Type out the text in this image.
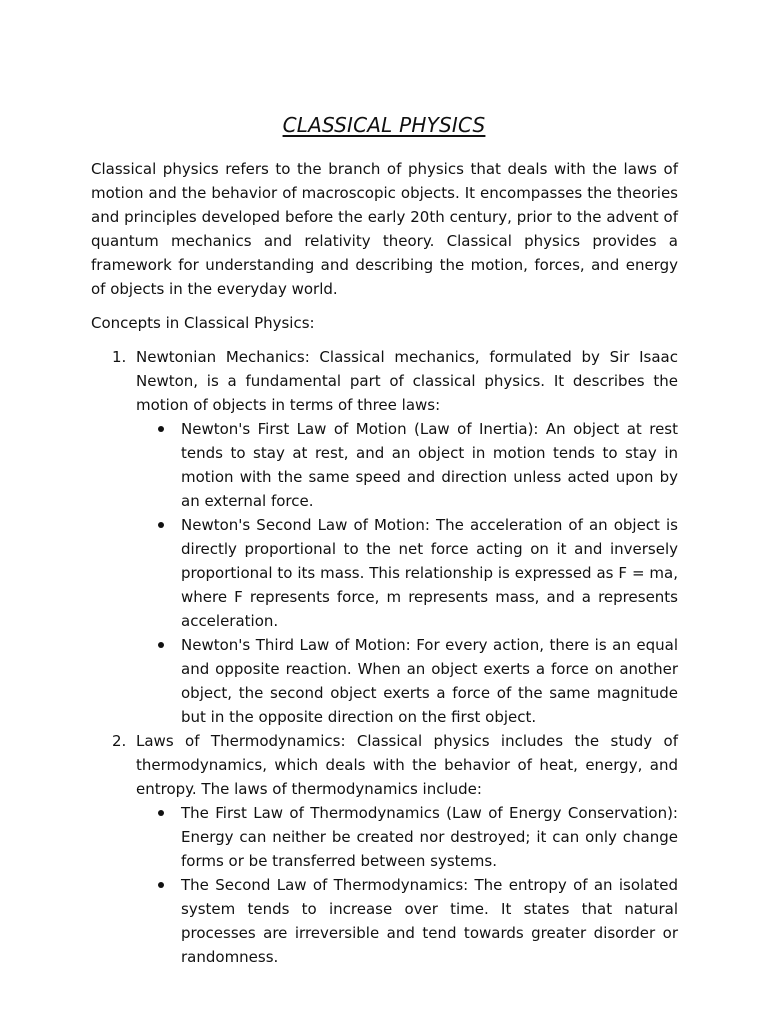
CLASSICAL PHYSICS

Classical physics refers to the branch of physics that deals with the laws of motion and the behavior of macroscopic objects. It encompasses the theories and principles developed before the early 20th century, prior to the advent of quantum mechanics and relativity theory. Classical physics provides a framework for understanding and describing the motion, forces, and energy of objects in the everyday world.

Concepts in Classical Physics:

1. Newtonian Mechanics: Classical mechanics, formulated by Sir Isaac Newton, is a fundamental part of classical physics. It describes the motion of objects in terms of three laws:
Newton's First Law of Motion (Law of Inertia): An object at rest tends to stay at rest, and an object in motion tends to stay in motion with the same speed and direction unless acted upon by an external force.
Newton's Second Law of Motion: The acceleration of an object is directly proportional to the net force acting on it and inversely proportional to its mass. This relationship is expressed as F = ma, where F represents force, m represents mass, and a represents acceleration.
Newton's Third Law of Motion: For every action, there is an equal and opposite reaction. When an object exerts a force on another object, the second object exerts a force of the same magnitude but in the opposite direction on the first object.
2. Laws of Thermodynamics: Classical physics includes the study of thermodynamics, which deals with the behavior of heat, energy, and entropy. The laws of thermodynamics include:
The First Law of Thermodynamics (Law of Energy Conservation): Energy can neither be created nor destroyed; it can only change forms or be transferred between systems.
The Second Law of Thermodynamics: The entropy of an isolated system tends to increase over time. It states that natural processes are irreversible and tend towards greater disorder or randomness.
